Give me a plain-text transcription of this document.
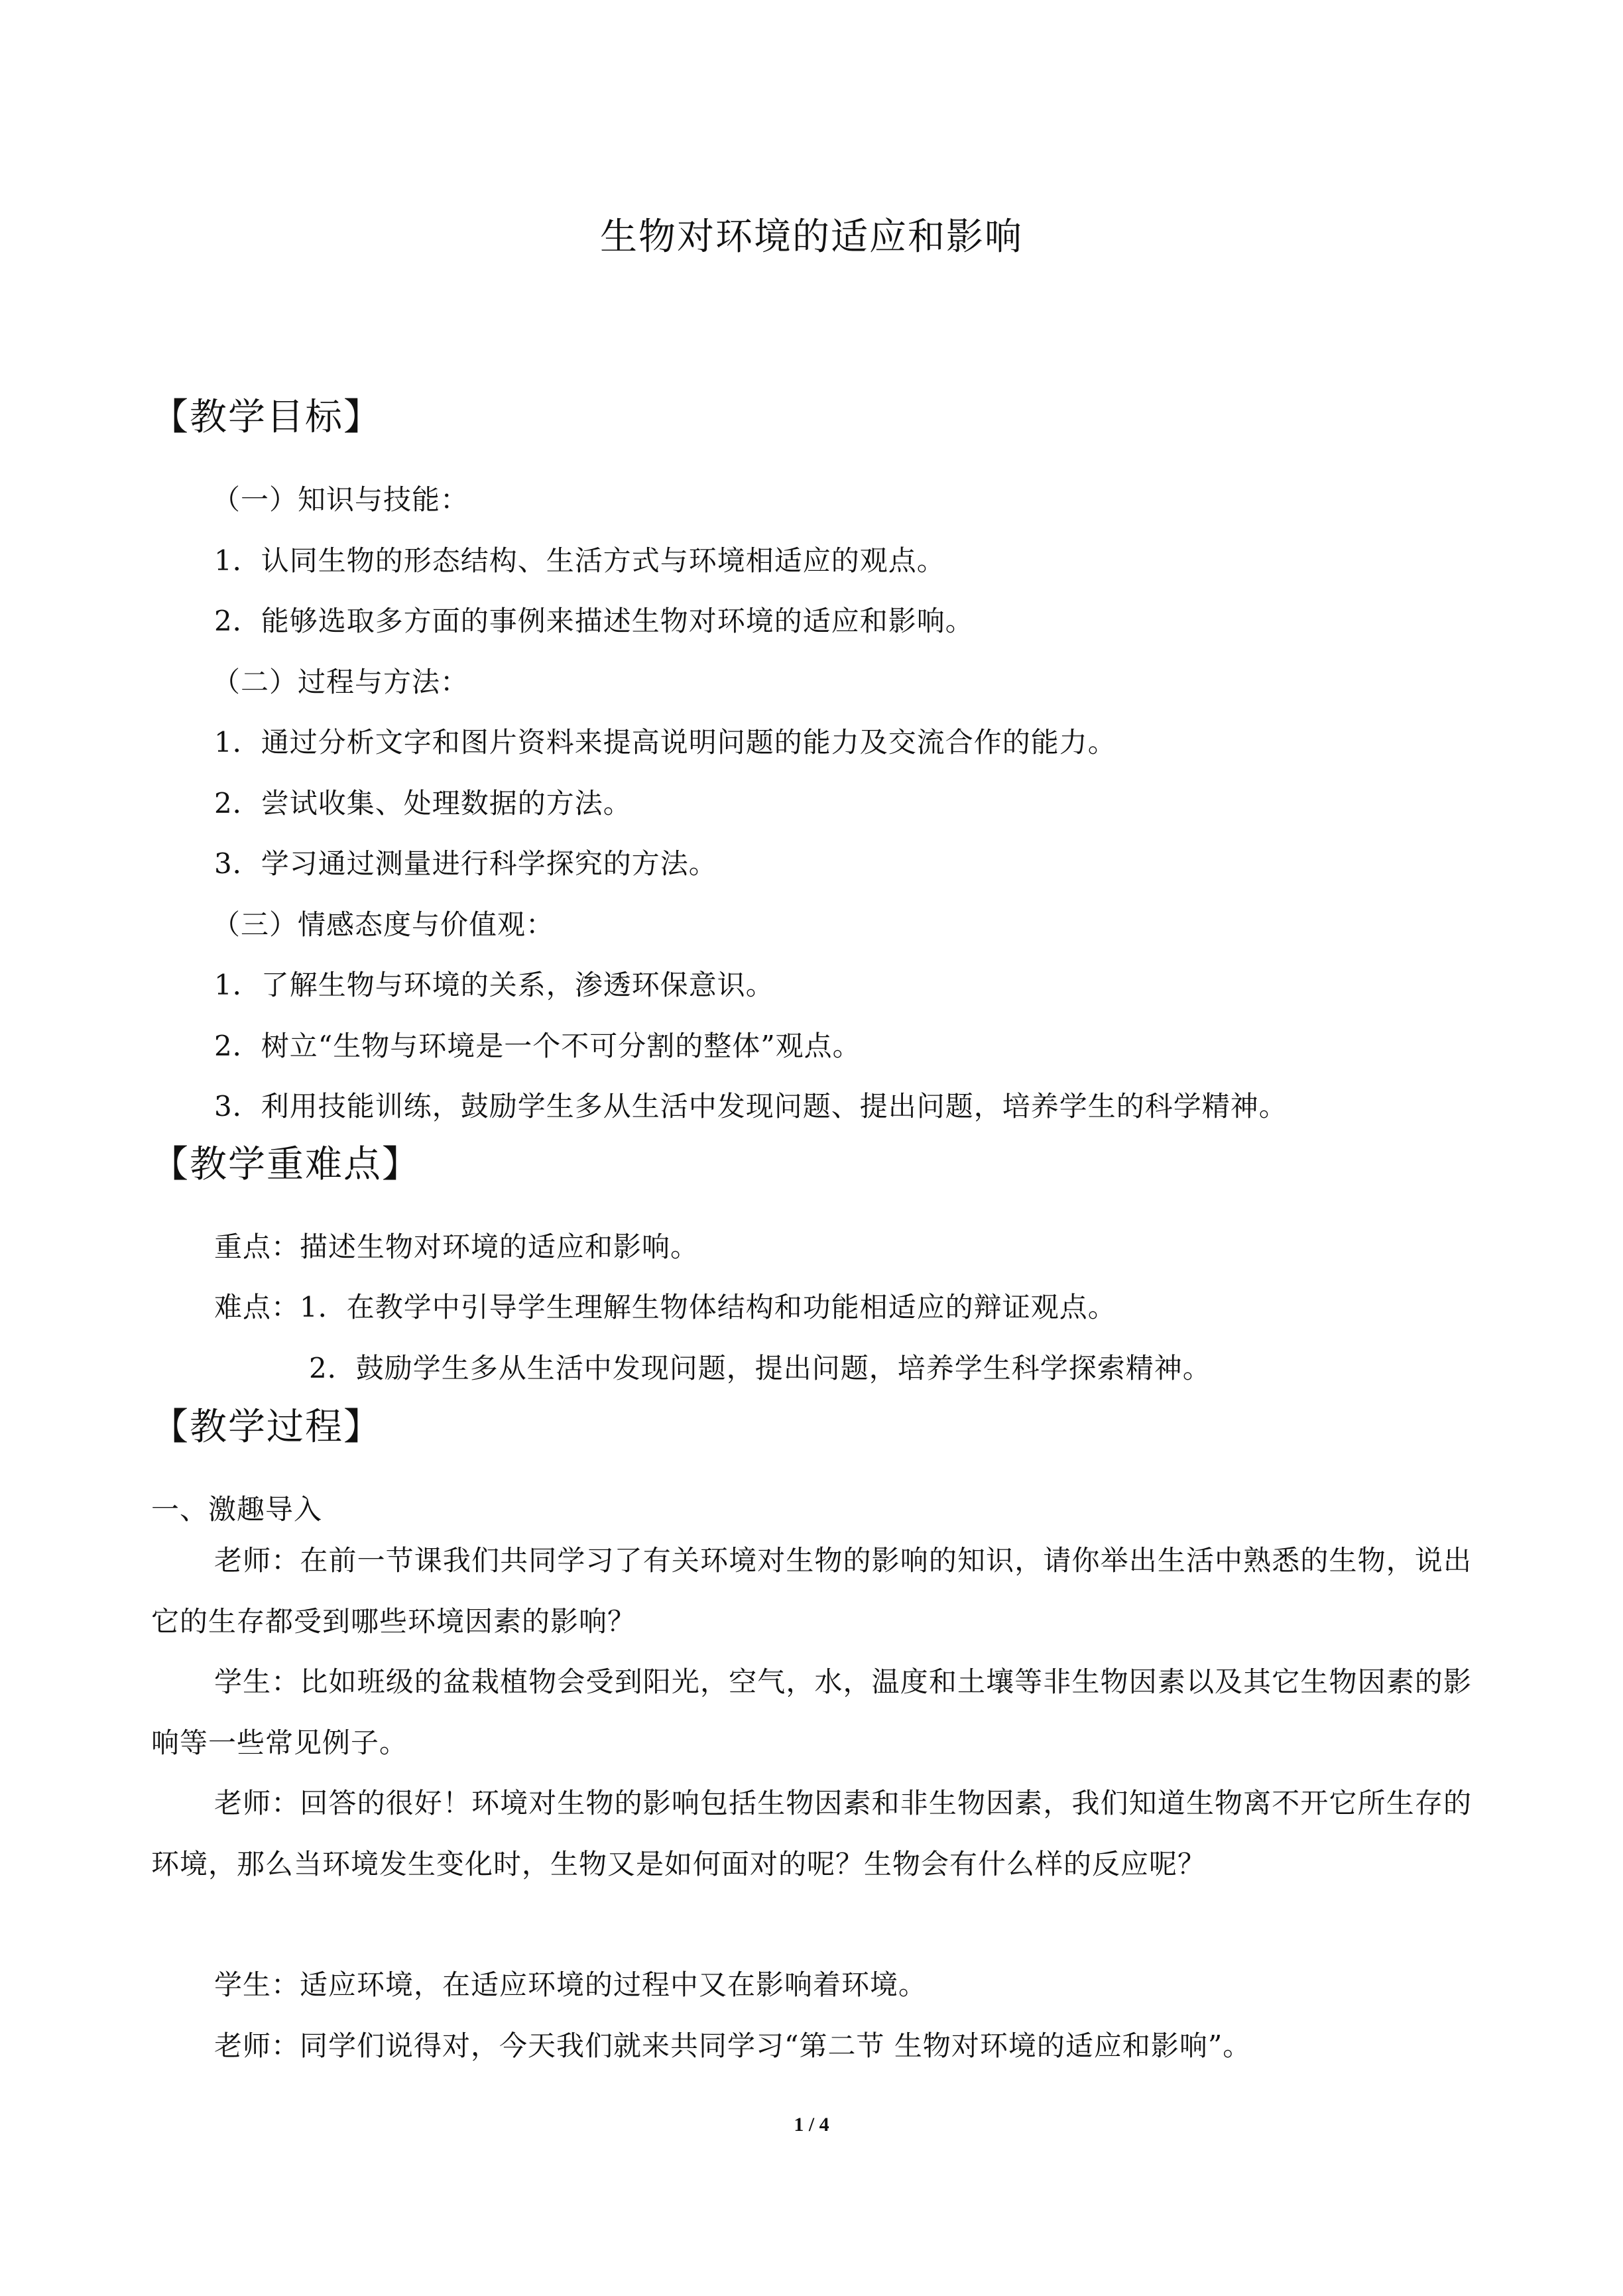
生物对环境的适应和影响
【教学目标】
（一）知识与技能：
1．认同生物的形态结构、生活方式与环境相适应的观点。
2．能够选取多方面的事例来描述生物对环境的适应和影响。
（二）过程与方法：
1．通过分析文字和图片资料来提高说明问题的能力及交流合作的能力。
2．尝试收集、处理数据的方法。
3．学习通过测量进行科学探究的方法。
（三）情感态度与价值观：
1．了解生物与环境的关系，渗透环保意识。
2．树立“生物与环境是一个不可分割的整体”观点。
3．利用技能训练，鼓励学生多从生活中发现问题、提出问题，培养学生的科学精神。
【教学重难点】
重点：描述生物对环境的适应和影响。
难点：1．在教学中引导学生理解生物体结构和功能相适应的辩证观点。
2．鼓励学生多从生活中发现问题，提出问题，培养学生科学探索精神。
【教学过程】
一、激趣导入
老师：在前一节课我们共同学习了有关环境对生物的影响的知识，请你举出生活中熟悉的生物，说出它的生存都受到哪些环境因素的影响？
学生：比如班级的盆栽植物会受到阳光，空气，水，温度和土壤等非生物因素以及其它生物因素的影响等一些常见例子。
老师：回答的很好！环境对生物的影响包括生物因素和非生物因素，我们知道生物离不开它所生存的环境，那么当环境发生变化时，生物又是如何面对的呢？生物会有什么样的反应呢？
学生：适应环境，在适应环境的过程中又在影响着环境。
老师：同学们说得对，今天我们就来共同学习“第二节 生物对环境的适应和影响”。
1 / 4
